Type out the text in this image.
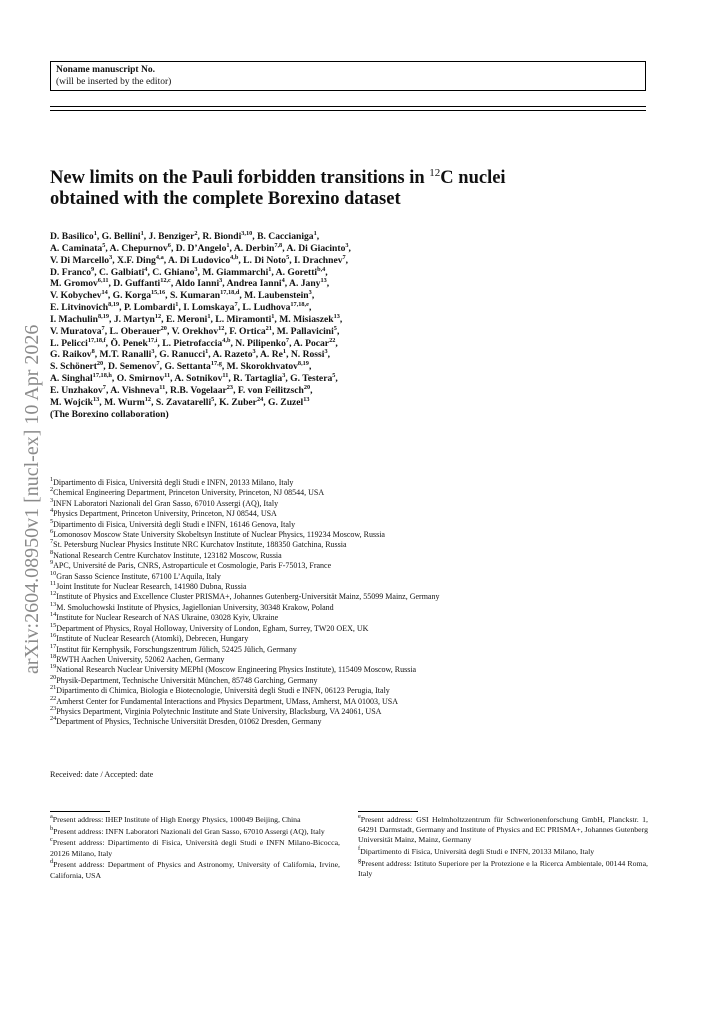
Noname manuscript No.
(will be inserted by the editor)
arXiv:2604.08950v1 [nucl-ex] 10 Apr 2026
New limits on the Pauli forbidden transitions in $^{12}$C nuclei
obtained with the complete Borexino dataset
D. Basilico$^1$, G. Bellini$^1$, J. Benziger$^2$, R. Biondi$^{3,10}$, B. Caccianiga$^1$,
A. Caminata$^5$, A. Chepurnov$^6$, D. D’Angelo$^1$, A. Derbin$^{7,8}$, A. Di Giacinto$^3$,
V. Di Marcello$^3$, X.F. Ding$^{4,a}$, A. Di Ludovico$^{4,b}$, L. Di Noto$^5$, I. Drachnev$^7$,
D. Franco$^9$, C. Galbiati$^4$, C. Ghiano$^3$, M. Giammarchi$^1$, A. Goretti$^{b,4}$,
M. Gromov$^{6,11}$, D. Guffanti$^{12,c}$, Aldo Ianni$^3$, Andrea Ianni$^4$, A. Jany$^{13}$,
V. Kobychev$^{14}$, G. Korga$^{15,16}$, S. Kumaran$^{17,18,d}$, M. Laubenstein$^3$,
E. Litvinovich$^{8,19}$, P. Lombardi$^1$, I. Lomskaya$^7$, L. Ludhova$^{17,18,e}$,
I. Machulin$^{8,19}$, J. Martyn$^{12}$, E. Meroni$^1$, L. Miramonti$^1$, M. Misiaszek$^{13}$,
V. Muratova$^7$, L. Oberauer$^{20}$, V. Orekhov$^{12}$, F. Ortica$^{21}$, M. Pallavicini$^5$,
L. Pelicci$^{17,18,f}$, Ö. Penek$^{17,i}$, L. Pietrofaccia$^{4,b}$, N. Pilipenko$^7$, A. Pocar$^{22}$,
G. Raikov$^8$, M.T. Ranalli$^3$, G. Ranucci$^1$, A. Razeto$^3$, A. Re$^1$, N. Rossi$^3$,
S. Schönert$^{20}$, D. Semenov$^7$, G. Settanta$^{17,g}$, M. Skorokhvatov$^{8,19}$,
A. Singhal$^{17,18,h}$, O. Smirnov$^{11}$, A. Sotnikov$^{11}$, R. Tartaglia$^3$, G. Testera$^5$,
E. Unzhakov$^7$, A. Vishneva$^{11}$, R.B. Vogelaar$^{23}$, F. von Feilitzsch$^{20}$,
M. Wojcik$^{13}$, M. Wurm$^{12}$, S. Zavatarelli$^5$, K. Zuber$^{24}$, G. Zuzel$^{13}$
(The Borexino collaboration)
$^1$Dipartimento di Fisica, Università degli Studi e INFN, 20133 Milano, Italy
$^2$Chemical Engineering Department, Princeton University, Princeton, NJ 08544, USA
$^3$INFN Laboratori Nazionali del Gran Sasso, 67010 Assergi (AQ), Italy
$^4$Physics Department, Princeton University, Princeton, NJ 08544, USA
$^5$Dipartimento di Fisica, Università degli Studi e INFN, 16146 Genova, Italy
$^6$Lomonosov Moscow State University Skobeltsyn Institute of Nuclear Physics, 119234 Moscow, Russia
$^7$St. Petersburg Nuclear Physics Institute NRC Kurchatov Institute, 188350 Gatchina, Russia
$^8$National Research Centre Kurchatov Institute, 123182 Moscow, Russia
$^9$APC, Université de Paris, CNRS, Astroparticule et Cosmologie, Paris F-75013, France
$^{10}$Gran Sasso Science Institute, 67100 L’Aquila, Italy
$^{11}$Joint Institute for Nuclear Research, 141980 Dubna, Russia
$^{12}$Institute of Physics and Excellence Cluster PRISMA+, Johannes Gutenberg-Universität Mainz, 55099 Mainz, Germany
$^{13}$M. Smoluchowski Institute of Physics, Jagiellonian University, 30348 Krakow, Poland
$^{14}$Institute for Nuclear Research of NAS Ukraine, 03028 Kyiv, Ukraine
$^{15}$Department of Physics, Royal Holloway, University of London, Egham, Surrey, TW20 OEX, UK
$^{16}$Institute of Nuclear Research (Atomki), Debrecen, Hungary
$^{17}$Institut für Kernphysik, Forschungszentrum Jülich, 52425 Jülich, Germany
$^{18}$RWTH Aachen University, 52062 Aachen, Germany
$^{19}$National Research Nuclear University MEPhI (Moscow Engineering Physics Institute), 115409 Moscow, Russia
$^{20}$Physik-Department, Technische Universität München, 85748 Garching, Germany
$^{21}$Dipartimento di Chimica, Biologia e Biotecnologie, Università degli Studi e INFN, 06123 Perugia, Italy
$^{22}$Amherst Center for Fundamental Interactions and Physics Department, UMass, Amherst, MA 01003, USA
$^{23}$Physics Department, Virginia Polytechnic Institute and State University, Blacksburg, VA 24061, USA
$^{24}$Department of Physics, Technische Universität Dresden, 01062 Dresden, Germany
Received: date / Accepted: date

$^a$Present address: IHEP Institute of High Energy Physics, 100049 Beijing, China

$^b$Present address: INFN Laboratori Nazionali del Gran Sasso, 67010 Assergi (AQ), Italy

$^c$Present address: Dipartimento di Fisica, Università degli Studi e INFN Milano-Bicocca, 20126 Milano, Italy

$^d$Present address: Department of Physics and Astronomy, University of California, Irvine, California, USA

$^e$Present address: GSI Helmholtzzentrum für Schwerionenforschung GmbH, Planckstr. 1, 64291 Darmstadt, Germany and Institute of Physics and EC PRISMA+, Johannes Gutenberg Universität Mainz, Mainz, Germany

$^f$Dipartimento di Fisica, Università degli Studi e INFN, 20133 Milano, Italy

$^g$Present address: Istituto Superiore per la Protezione e la Ricerca Ambientale, 00144 Roma, Italy
